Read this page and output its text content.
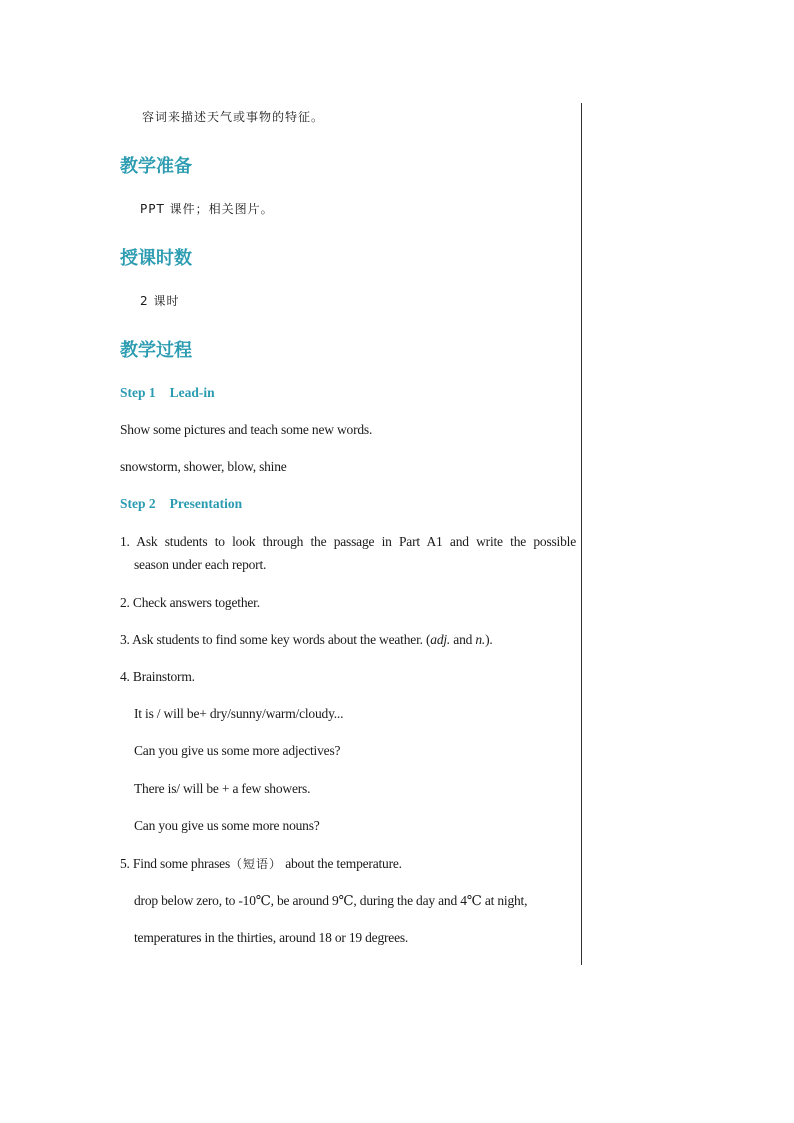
容词来描述天气或事物的特征。
教学准备
PPT 课件；相关图片。
授课时数
2 课时
教学过程
Step 1 Lead-in
Show some pictures and teach some new words.
snowstorm, shower, blow, shine
Step 2 Presentation
1. Ask students to look through the passage in Part A1 and write the possible
season under each report.
2. Check answers together.
3. Ask students to find some key words about the weather. (adj. and n.).
4. Brainstorm.
It is / will be+ dry/sunny/warm/cloudy...
Can you give us some more adjectives?
There is/ will be + a few showers.
Can you give us some more nouns?
5. Find some phrases（短语） about the temperature.
drop below zero, to -10℃, be around 9℃, during the day and 4℃ at night,
temperatures in the thirties, around 18 or 19 degrees.
